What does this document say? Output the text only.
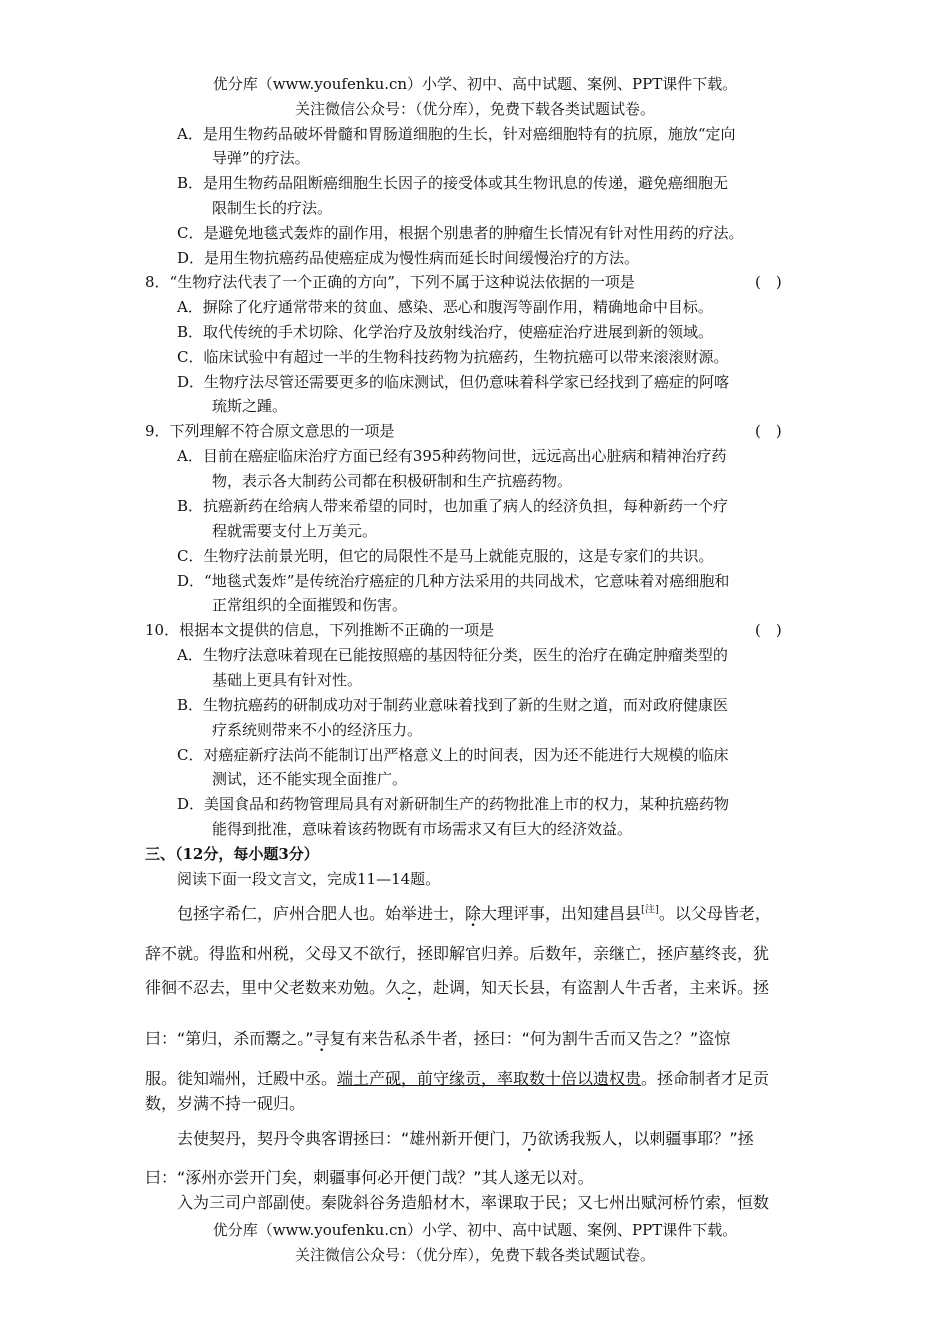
优分库（www.youfenku.cn）小学、初中、高中试题、案例、PPT课件下载。
关注微信公众号：（优分库），免费下载各类试题试卷。
A．是用生物药品破坏骨髓和胃肠道细胞的生长，针对癌细胞特有的抗原，施放“定向
导弹”的疗法。
B．是用生物药品阻断癌细胞生长因子的接受体或其生物讯息的传递，避免癌细胞无
限制生长的疗法。
C．是避免地毯式轰炸的副作用，根据个别患者的肿瘤生长情况有针对性用药的疗法。
D．是用生物抗癌药品使癌症成为慢性病而延长时间缓慢治疗的方法。
8．“生物疗法代表了一个正确的方向”，下列不属于这种说法依据的一项是	(　)
A．摒除了化疗通常带来的贫血、感染、恶心和腹泻等副作用，精确地命中目标。
B．取代传统的手术切除、化学治疗及放射线治疗，使癌症治疗进展到新的领域。
C．临床试验中有超过一半的生物科技药物为抗癌药，生物抗癌可以带来滚滚财源。
D．生物疗法尽管还需要更多的临床测试，但仍意味着科学家已经找到了癌症的阿喀
琉斯之踵。
9．下列理解不符合原文意思的一项是	(　)
A．目前在癌症临床治疗方面已经有395种药物问世，远远高出心脏病和精神治疗药
物，表示各大制药公司都在积极研制和生产抗癌药物。
B．抗癌新药在给病人带来希望的同时，也加重了病人的经济负担，每种新药一个疗
程就需要支付上万美元。
C．生物疗法前景光明，但它的局限性不是马上就能克服的，这是专家们的共识。
D．“地毯式轰炸”是传统治疗癌症的几种方法采用的共同战术，它意味着对癌细胞和
正常组织的全面摧毁和伤害。
10．根据本文提供的信息，下列推断不正确的一项是	(　)
A．生物疗法意味着现在已能按照癌的基因特征分类，医生的治疗在确定肿瘤类型的
基础上更具有针对性。
B．生物抗癌药的研制成功对于制药业意味着找到了新的生财之道，而对政府健康医
疗系统则带来不小的经济压力。
C．对癌症新疗法尚不能制订出严格意义上的时间表，因为还不能进行大规模的临床
测试，还不能实现全面推广。
D．美国食品和药物管理局具有对新研制生产的药物批准上市的权力，某种抗癌药物
能得到批准，意味着该药物既有市场需求又有巨大的经济效益。
三、（12分，每小题3分）
阅读下面一段文言文，完成11—14题。
包拯字希仁，庐州合肥人也。始举进士，除大理评事，出知建昌县[注]。以父母皆老，
辞不就。得监和州税，父母又不欲行，拯即解官归养。后数年，亲继亡，拯庐墓终丧，犹
徘徊不忍去，里中父老数来劝勉。久之，赴调，知天长县，有盗割人牛舌者，主来诉。拯
曰：“第归，杀而鬻之。”寻复有来告私杀牛者，拯曰：“何为割牛舌而又告之？”盗惊
服。徙知端州，迁殿中丞。端土产砚，前守缘贡，率取数十倍以遗权贵。拯命制者才足贡
数，岁满不持一砚归。
去使契丹，契丹令典客谓拯曰：“雄州新开便门，乃欲诱我叛人，以刺疆事耶？”拯
曰：“涿州亦尝开门矣，刺疆事何必开便门哉？”其人遂无以对。
入为三司户部副使。秦陇斜谷务造船材木，率课取于民；又七州出赋河桥竹索，恒数
优分库（www.youfenku.cn）小学、初中、高中试题、案例、PPT课件下载。
关注微信公众号：（优分库），免费下载各类试题试卷。
